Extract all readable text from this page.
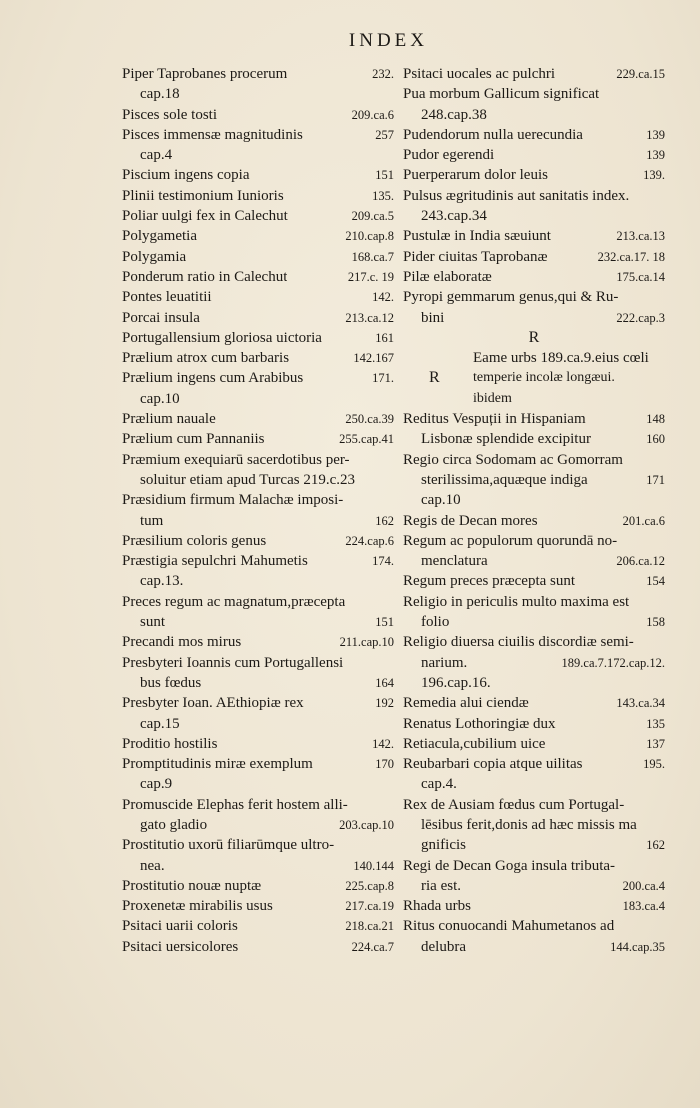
INDEX
Piper Taprobanes procerum	232.
cap.18
Pisces sole tosti	209.ca.6
Pisces immensæ magnitudinis	257
cap.4
Piscium ingens copia	151
Plinii testimonium Iunioris	135.
Poliar uulgi fex in Calechut	209.ca.5
Polygametia	210.cap.8
Polygamia	168.ca.7
Ponderum ratio in Calechut	217.c. 19
Pontes leuatitii	142.
Porcai insula	213.ca.12
Portugallensium gloriosa uictoria	161
Prælium atrox cum barbaris	142.167
Prælium ingens cum Arabibus	171.
cap.10
Prælium nauale	250.ca.39
Prælium cum Pannaniis	255.cap.41
Præmium exequiarū sacerdotibus per-
soluitur etiam apud Turcas 219.c.23
Præsidium firmum Malachæ imposi-
tum	162
Præsilium coloris genus	224.cap.6
Præstigia sepulchri Mahumetis	174.
cap.13.
Preces regum ac magnatum,præcepta
sunt	151
Precandi mos mirus	211.cap.10
Presbyteri Ioannis cum Portugallensi
bus fœdus	164
Presbyter Ioan. AEthiopiæ rex	192
cap.15
Proditio hostilis	142.
Promptitudinis miræ exemplum	170
cap.9
Promuscide Elephas ferit hostem alli-
gato gladio	203.cap.10
Prostitutio uxorū filiarūmque ultro-
nea.	140.144
Prostitutio nouæ nuptæ	225.cap.8
Proxenetæ mirabilis usus	217.ca.19
Psitaci uarii coloris	218.ca.21
Psitaci uersicolores	224.ca.7
Psitaci uocales ac pulchri	229.ca.15
Pua morbum Gallicum significat
248.cap.38
Pudendorum nulla uerecundia	139
Pudor egerendi	139
Puerperarum dolor leuis	139.
Pulsus ægritudinis aut sanitatis index.
243.cap.34
Pustulæ in India sæuiunt	213.ca.13
Pider ciuitas Taprobanæ	232.ca.17. 18
Pilæ elaboratæ	175.ca.14
Pyropi gemmarum genus,qui & Ru-
bini	222.cap.3
R
R
Eame urbs 189.ca.9.eius cœli
temperie incolæ longæui.
ibidem
Reditus Vespuții in Hispaniam	148
Lisbonæ splendide excipitur	160
Regio circa Sodomam ac Gomorram
sterilissima,aquæque indiga	171
cap.10
Regis de Decan mores	201.ca.6
Regum ac populorum quorundā no-
menclatura	206.ca.12
Regum preces præcepta sunt	154
Religio in periculis multo maxima est
folio	158
Religio diuersa ciuilis discordiæ semi-
narium.	189.ca.7.172.cap.12.
196.cap.16.
Remedia alui ciendæ	143.ca.34
Renatus Lothoringiæ dux	135
Retiacula,cubilium uice	137
Reubarbari copia atque uilitas	195.
cap.4.
Rex de Ausiam fœdus cum Portugal-
lēsibus ferit,donis ad hæc missis ma
gnificis	162
Regi de Decan Goga insula tributa-
ria est.	200.ca.4
Rhada urbs	183.ca.4
Ritus conuocandi Mahumetanos ad
delubra	144.cap.35
